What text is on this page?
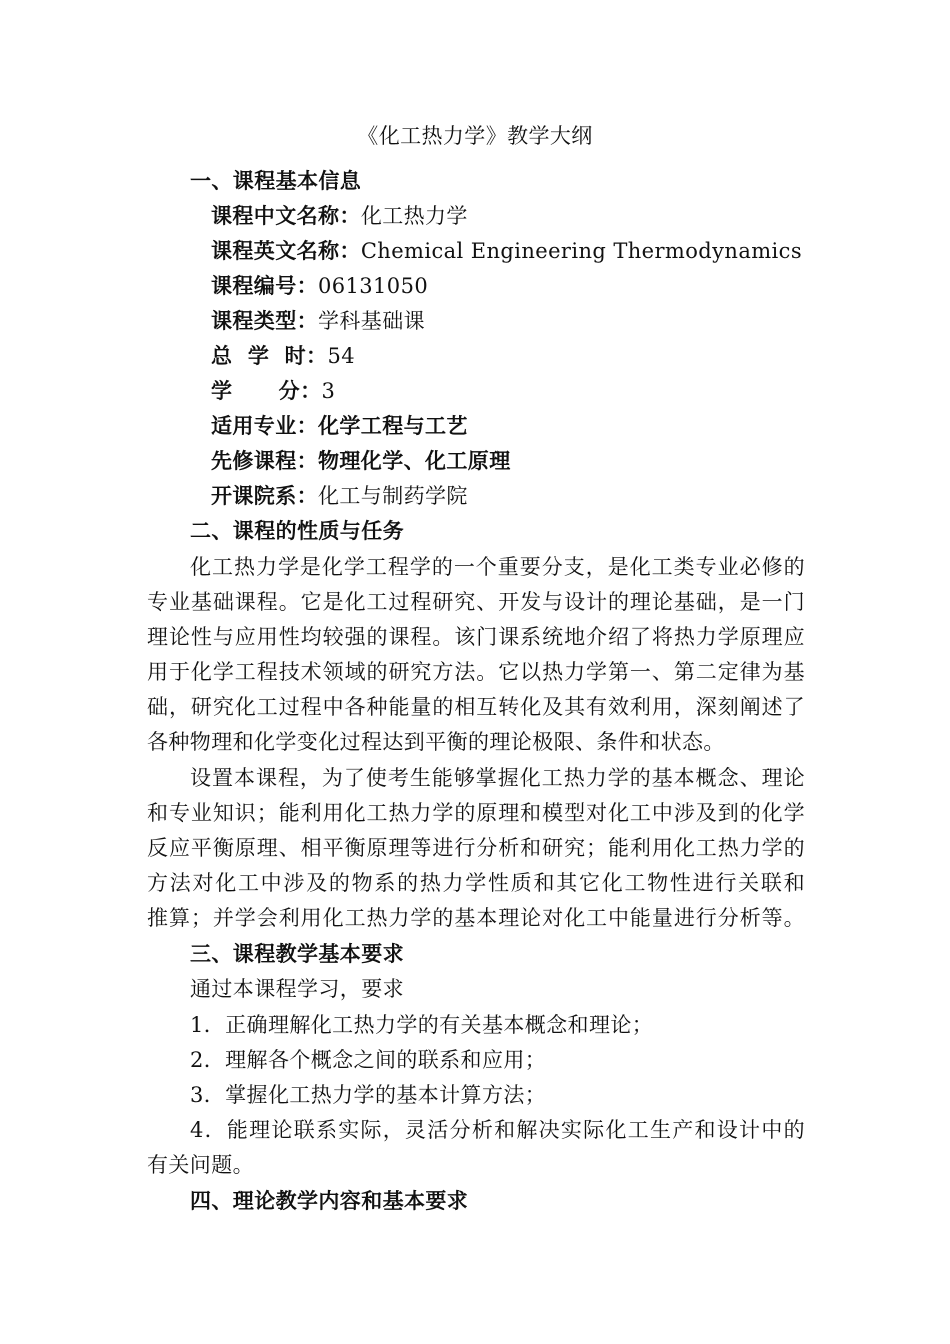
《化工热力学》教学大纲
一、课程基本信息
课程中文名称：化工热力学
课程英文名称：Chemical Engineering Thermodynamics
课程编号：06131050
课程类型：学科基础课
总  学  时：54
学      分：3
适用专业：化学工程与工艺
先修课程：物理化学、化工原理
开课院系：化工与制药学院
二、课程的性质与任务
化工热力学是化学工程学的一个重要分支，是化工类专业必修的
专业基础课程。它是化工过程研究、开发与设计的理论基础，是一门
理论性与应用性均较强的课程。该门课系统地介绍了将热力学原理应
用于化学工程技术领域的研究方法。它以热力学第一、第二定律为基
础，研究化工过程中各种能量的相互转化及其有效利用，深刻阐述了
各种物理和化学变化过程达到平衡的理论极限、条件和状态。
设置本课程，为了使考生能够掌握化工热力学的基本概念、理论
和专业知识；能利用化工热力学的原理和模型对化工中涉及到的化学
反应平衡原理、相平衡原理等进行分析和研究；能利用化工热力学的
方法对化工中涉及的物系的热力学性质和其它化工物性进行关联和
推算；并学会利用化工热力学的基本理论对化工中能量进行分析等。
三、课程教学基本要求
通过本课程学习，要求
1．正确理解化工热力学的有关基本概念和理论；
2．理解各个概念之间的联系和应用；
3．掌握化工热力学的基本计算方法；
4．能理论联系实际，灵活分析和解决实际化工生产和设计中的
有关问题。
四、理论教学内容和基本要求
